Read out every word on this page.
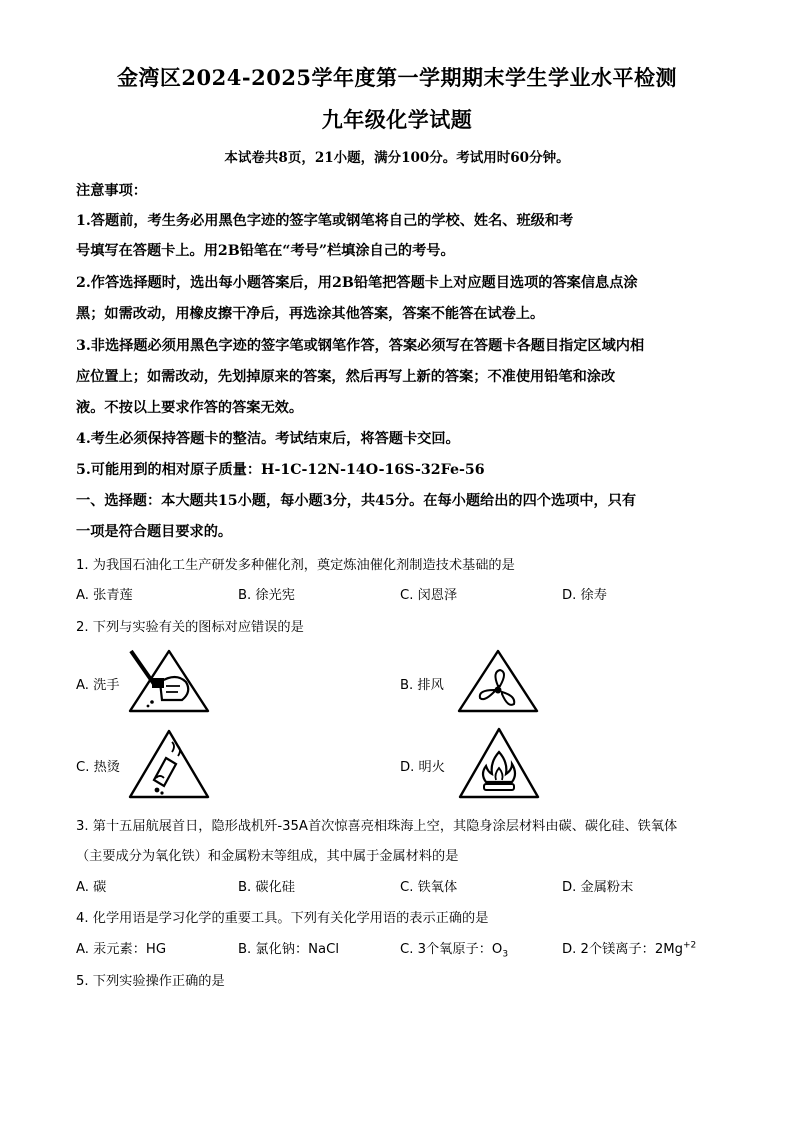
金湾区2024-2025学年度第一学期期末学生学业水平检测
九年级化学试题
本试卷共8页，21小题，满分100分。考试用时60分钟。
注意事项：
1.答题前，考生务必用黑色字迹的签字笔或钢笔将自己的学校、姓名、班级和考
号填写在答题卡上。用2B铅笔在“考号”栏填涂自己的考号。
2.作答选择题时，选出每小题答案后，用2B铅笔把答题卡上对应题目选项的答案信息点涂
黑；如需改动，用橡皮擦干净后，再选涂其他答案，答案不能答在试卷上。
3.非选择题必须用黑色字迹的签字笔或钢笔作答，答案必须写在答题卡各题目指定区域内相
应位置上；如需改动，先划掉原来的答案，然后再写上新的答案；不准使用铅笔和涂改
液。不按以上要求作答的答案无效。
4.考生必须保持答题卡的整洁。考试结束后，将答题卡交回。
5.可能用到的相对原子质量：H-1C-12N-14O-16S-32Fe-56
一、选择题：本大题共15小题，每小题3分，共45分。在每小题给出的四个选项中，只有
一项是符合题目要求的。
1. 为我国石油化工生产研发多种催化剂，奠定炼油催化剂制造技术基础的是
A. 张青莲	B. 徐光宪	C. 闵恩泽	D. 徐寿
2. 下列与实验有关的图标对应错误的是
A. 洗手	B. 排风
C. 热烫	D. 明火
3. 第十五届航展首日，隐形战机歼-35A首次惊喜亮相珠海上空，其隐身涂层材料由碳、碳化硅、铁氧体
（主要成分为氧化铁）和金属粉末等组成，其中属于金属材料的是
A. 碳	B. 碳化硅	C. 铁氧体	D. 金属粉末
4. 化学用语是学习化学的重要工具。下列有关化学用语的表示正确的是
A. 汞元素：HG	B. 氯化钠：NaCl	C. 3个氧原子：$O_3$	D. 2个镁离子：$2Mg^{+2}$
5. 下列实验操作正确的是
